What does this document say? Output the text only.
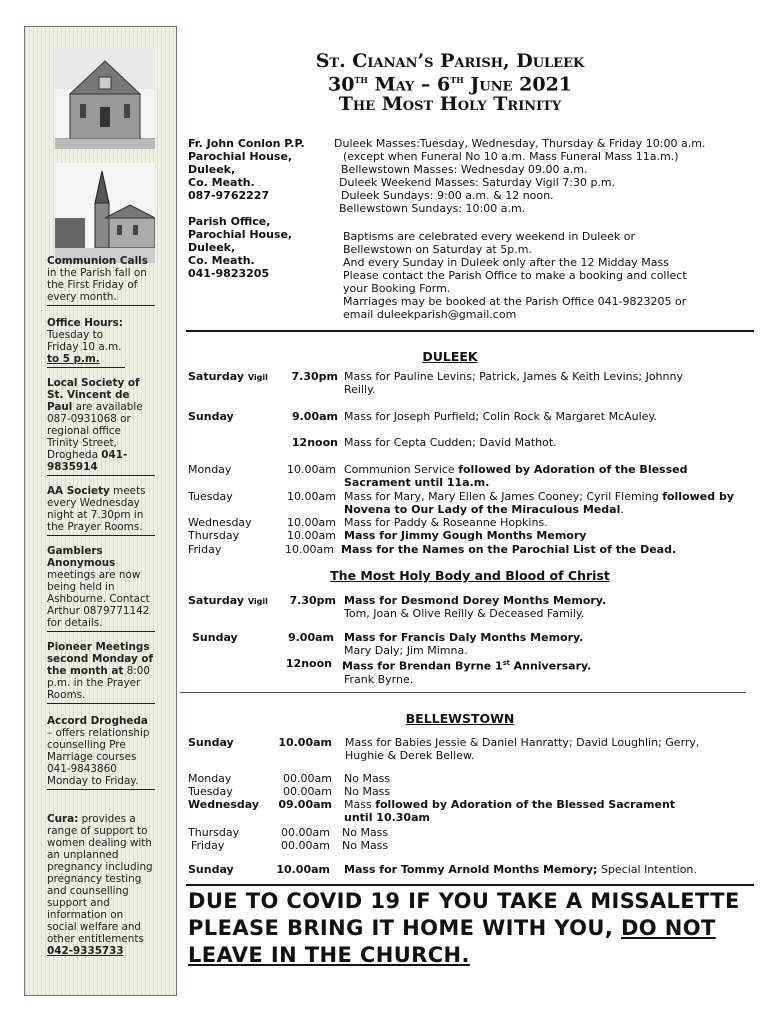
Communion Calls
in the Parish fall on the First Friday of every month.
Office Hours:
Tuesday to Friday 10 a.m. to 5 p.m.
Local Society of St. Vincent de Paul are available 087-0931068 or regional office Trinity Street, Drogheda 041-9835914
AA Society meets every Wednesday night at 7.30pm in the Prayer Rooms.
Gamblers Anonymous meetings are now being held in Ashbourne. Contact Arthur 0879771142 for details.
Pioneer Meetings second Monday of the month at 8:00 p.m. in the Prayer Rooms.
Accord Drogheda – offers relationship counselling Pre Marriage courses 041-9843860 Monday to Friday.
Cura: provides a range of support to women dealing with an unplanned pregnancy including pregnancy testing and counselling support and information on social welfare and other entitlements 042-9335733
St. Cianan’s Parish, Duleek
30th May – 6th June 2021
The Most Holy Trinity
Fr. John Conlon P.P.
Parochial House,
Duleek,
Co. Meath.
087-9762227
Parish Office,
Parochial House,
Duleek,
Co. Meath.
041-9823205
Duleek Masses:Tuesday, Wednesday, Thursday & Friday 10:00 a.m.
(except when Funeral No 10 a.m. Mass Funeral Mass 11a.m.)
Bellewstown Masses: Wednesday 09.00 a.m.
Duleek Weekend Masses: Saturday Vigil 7:30 p.m.
Duleek Sundays: 9:00 a.m. & 12 noon.
Bellewstown Sundays: 10:00 a.m.
Baptisms are celebrated every weekend in Duleek or
Bellewstown on Saturday at 5p.m.
And every Sunday in Duleek only after the 12 Midday Mass
Please contact the Parish Office to make a booking and collect
your Booking Form.
Marriages may be booked at the Parish Office 041-9823205 or
email duleekparish@gmail.com
DULEEK
Saturday Vigil	7.30pm Mass for Pauline Levins; Patrick, James & Keith Levins; Johnny Reilly.
Sunday	9.00am Mass for Joseph Purfield; Colin Rock & Margaret McAuley.
12noon Mass for Cepta Cudden; David Mathot.
Monday	10.00am Communion Service followed by Adoration of the Blessed Sacrament until 11a.m.
Tuesday	10.00am Mass for Mary, Mary Ellen & James Cooney; Cyril Fleming followed by Novena to Our Lady of the Miraculous Medal.
Wednesday	10.00am Mass for Paddy & Roseanne Hopkins.
Thursday	10.00am Mass for Jimmy Gough Months Memory
Friday	10.00am Mass for the Names on the Parochial List of the Dead.
The Most Holy Body and Blood of Christ
Saturday Vigil	7.30pm Mass for Desmond Dorey Months Memory.
Tom, Joan & Olive Reilly & Deceased Family.
Sunday	9.00am Mass for Francis Daly Months Memory.
Mary Daly; Jim Mimna.
12noon Mass for Brendan Byrne 1st Anniversary.
Frank Byrne.
BELLEWSTOWN
Sunday	10.00am Mass for Babies Jessie & Daniel Hanratty; David Loughlin; Gerry, Hughie & Derek Bellew.
Monday	00.00am No Mass
Tuesday	00.00am No Mass
Wednesday	09.00am Mass followed by Adoration of the Blessed Sacrament until 10.30am
Thursday	00.00am No Mass
Friday	00.00am No Mass
Sunday	10.00am Mass for Tommy Arnold Months Memory; Special Intention.
DUE TO COVID 19 IF YOU TAKE A MISSALETTE PLEASE BRING IT HOME WITH YOU, DO NOT LEAVE IN THE CHURCH.
